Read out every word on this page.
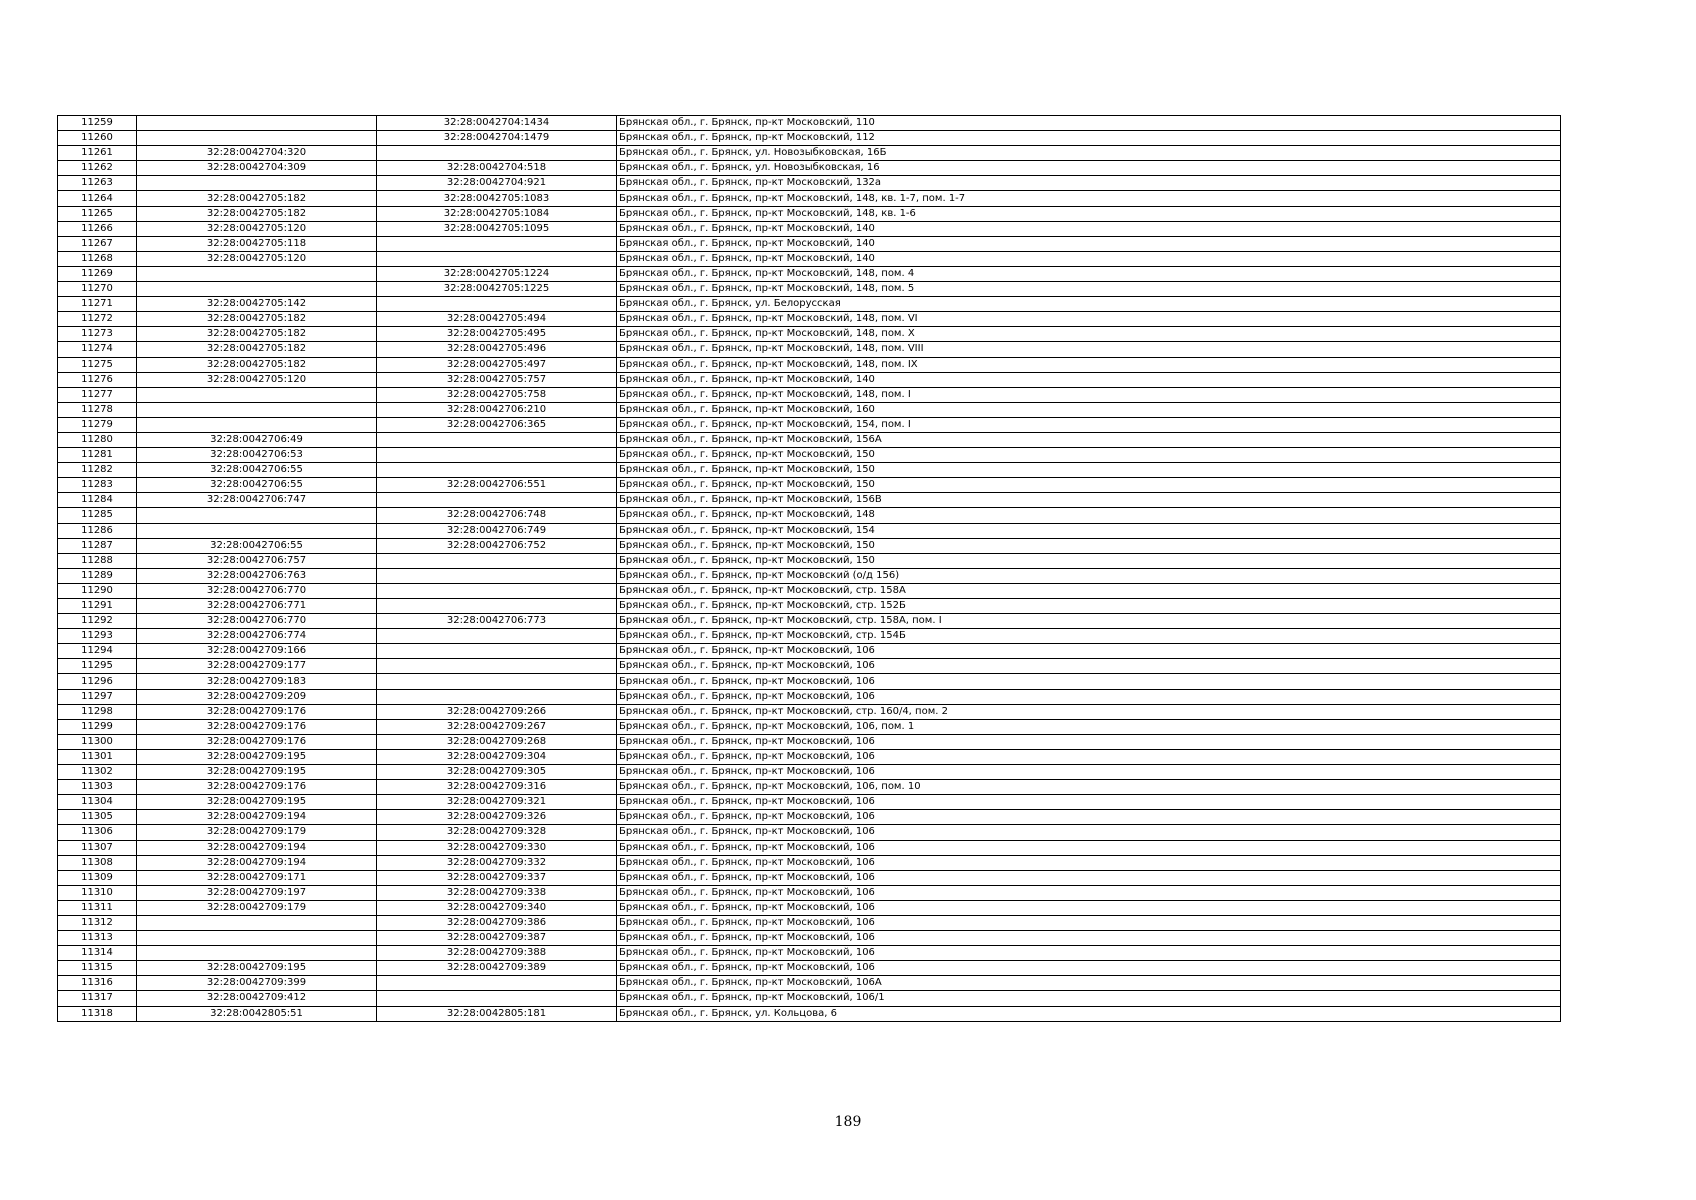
11259		32:28:0042704:1434	Брянская обл., г. Брянск, пр-кт Московский, 110
11260		32:28:0042704:1479	Брянская обл., г. Брянск, пр-кт Московский, 112
11261	32:28:0042704:320		Брянская обл., г. Брянск, ул. Новозыбковская, 16Б
11262	32:28:0042704:309	32:28:0042704:518	Брянская обл., г. Брянск, ул. Новозыбковская, 16
11263		32:28:0042704:921	Брянская обл., г. Брянск, пр-кт Московский, 132а
11264	32:28:0042705:182	32:28:0042705:1083	Брянская обл., г. Брянск, пр-кт Московский, 148, кв. 1-7, пом. 1-7
11265	32:28:0042705:182	32:28:0042705:1084	Брянская обл., г. Брянск, пр-кт Московский, 148, кв. 1-6
11266	32:28:0042705:120	32:28:0042705:1095	Брянская обл., г. Брянск, пр-кт Московский, 140
11267	32:28:0042705:118		Брянская обл., г. Брянск, пр-кт Московский, 140
11268	32:28:0042705:120		Брянская обл., г. Брянск, пр-кт Московский, 140
11269		32:28:0042705:1224	Брянская обл., г. Брянск, пр-кт Московский, 148, пом. 4
11270		32:28:0042705:1225	Брянская обл., г. Брянск, пр-кт Московский, 148, пом. 5
11271	32:28:0042705:142		Брянская обл., г. Брянск, ул. Белорусская
11272	32:28:0042705:182	32:28:0042705:494	Брянская обл., г. Брянск, пр-кт Московский, 148, пом. VI
11273	32:28:0042705:182	32:28:0042705:495	Брянская обл., г. Брянск, пр-кт Московский, 148, пом. X
11274	32:28:0042705:182	32:28:0042705:496	Брянская обл., г. Брянск, пр-кт Московский, 148, пом. VIII
11275	32:28:0042705:182	32:28:0042705:497	Брянская обл., г. Брянск, пр-кт Московский, 148, пом. IX
11276	32:28:0042705:120	32:28:0042705:757	Брянская обл., г. Брянск, пр-кт Московский, 140
11277		32:28:0042705:758	Брянская обл., г. Брянск, пр-кт Московский, 148, пом. I
11278		32:28:0042706:210	Брянская обл., г. Брянск, пр-кт Московский, 160
11279		32:28:0042706:365	Брянская обл., г. Брянск, пр-кт Московский, 154, пом. I
11280	32:28:0042706:49		Брянская обл., г. Брянск, пр-кт Московский, 156А
11281	32:28:0042706:53		Брянская обл., г. Брянск, пр-кт Московский, 150
11282	32:28:0042706:55		Брянская обл., г. Брянск, пр-кт Московский, 150
11283	32:28:0042706:55	32:28:0042706:551	Брянская обл., г. Брянск, пр-кт Московский, 150
11284	32:28:0042706:747		Брянская обл., г. Брянск, пр-кт Московский, 156В
11285		32:28:0042706:748	Брянская обл., г. Брянск, пр-кт Московский, 148
11286		32:28:0042706:749	Брянская обл., г. Брянск, пр-кт Московский, 154
11287	32:28:0042706:55	32:28:0042706:752	Брянская обл., г. Брянск, пр-кт Московский, 150
11288	32:28:0042706:757		Брянская обл., г. Брянск, пр-кт Московский, 150
11289	32:28:0042706:763		Брянская обл., г. Брянск, пр-кт Московский (о/д 156)
11290	32:28:0042706:770		Брянская обл., г. Брянск, пр-кт Московский, стр. 158А
11291	32:28:0042706:771		Брянская обл., г. Брянск, пр-кт Московский, стр. 152Б
11292	32:28:0042706:770	32:28:0042706:773	Брянская обл., г. Брянск, пр-кт Московский, стр. 158А, пом. I
11293	32:28:0042706:774		Брянская обл., г. Брянск, пр-кт Московский, стр. 154Б
11294	32:28:0042709:166		Брянская обл., г. Брянск, пр-кт Московский, 106
11295	32:28:0042709:177		Брянская обл., г. Брянск, пр-кт Московский, 106
11296	32:28:0042709:183		Брянская обл., г. Брянск, пр-кт Московский, 106
11297	32:28:0042709:209		Брянская обл., г. Брянск, пр-кт Московский, 106
11298	32:28:0042709:176	32:28:0042709:266	Брянская обл., г. Брянск, пр-кт Московский, стр. 160/4, пом. 2
11299	32:28:0042709:176	32:28:0042709:267	Брянская обл., г. Брянск, пр-кт Московский, 106, пом. 1
11300	32:28:0042709:176	32:28:0042709:268	Брянская обл., г. Брянск, пр-кт Московский, 106
11301	32:28:0042709:195	32:28:0042709:304	Брянская обл., г. Брянск, пр-кт Московский, 106
11302	32:28:0042709:195	32:28:0042709:305	Брянская обл., г. Брянск, пр-кт Московский, 106
11303	32:28:0042709:176	32:28:0042709:316	Брянская обл., г. Брянск, пр-кт Московский, 106, пом. 10
11304	32:28:0042709:195	32:28:0042709:321	Брянская обл., г. Брянск, пр-кт Московский, 106
11305	32:28:0042709:194	32:28:0042709:326	Брянская обл., г. Брянск, пр-кт Московский, 106
11306	32:28:0042709:179	32:28:0042709:328	Брянская обл., г. Брянск, пр-кт Московский, 106
11307	32:28:0042709:194	32:28:0042709:330	Брянская обл., г. Брянск, пр-кт Московский, 106
11308	32:28:0042709:194	32:28:0042709:332	Брянская обл., г. Брянск, пр-кт Московский, 106
11309	32:28:0042709:171	32:28:0042709:337	Брянская обл., г. Брянск, пр-кт Московский, 106
11310	32:28:0042709:197	32:28:0042709:338	Брянская обл., г. Брянск, пр-кт Московский, 106
11311	32:28:0042709:179	32:28:0042709:340	Брянская обл., г. Брянск, пр-кт Московский, 106
11312		32:28:0042709:386	Брянская обл., г. Брянск, пр-кт Московский, 106
11313		32:28:0042709:387	Брянская обл., г. Брянск, пр-кт Московский, 106
11314		32:28:0042709:388	Брянская обл., г. Брянск, пр-кт Московский, 106
11315	32:28:0042709:195	32:28:0042709:389	Брянская обл., г. Брянск, пр-кт Московский, 106
11316	32:28:0042709:399		Брянская обл., г. Брянск, пр-кт Московский, 106А
11317	32:28:0042709:412		Брянская обл., г. Брянск, пр-кт Московский, 106/1
11318	32:28:0042805:51	32:28:0042805:181	Брянская обл., г. Брянск, ул. Кольцова, 6
189
